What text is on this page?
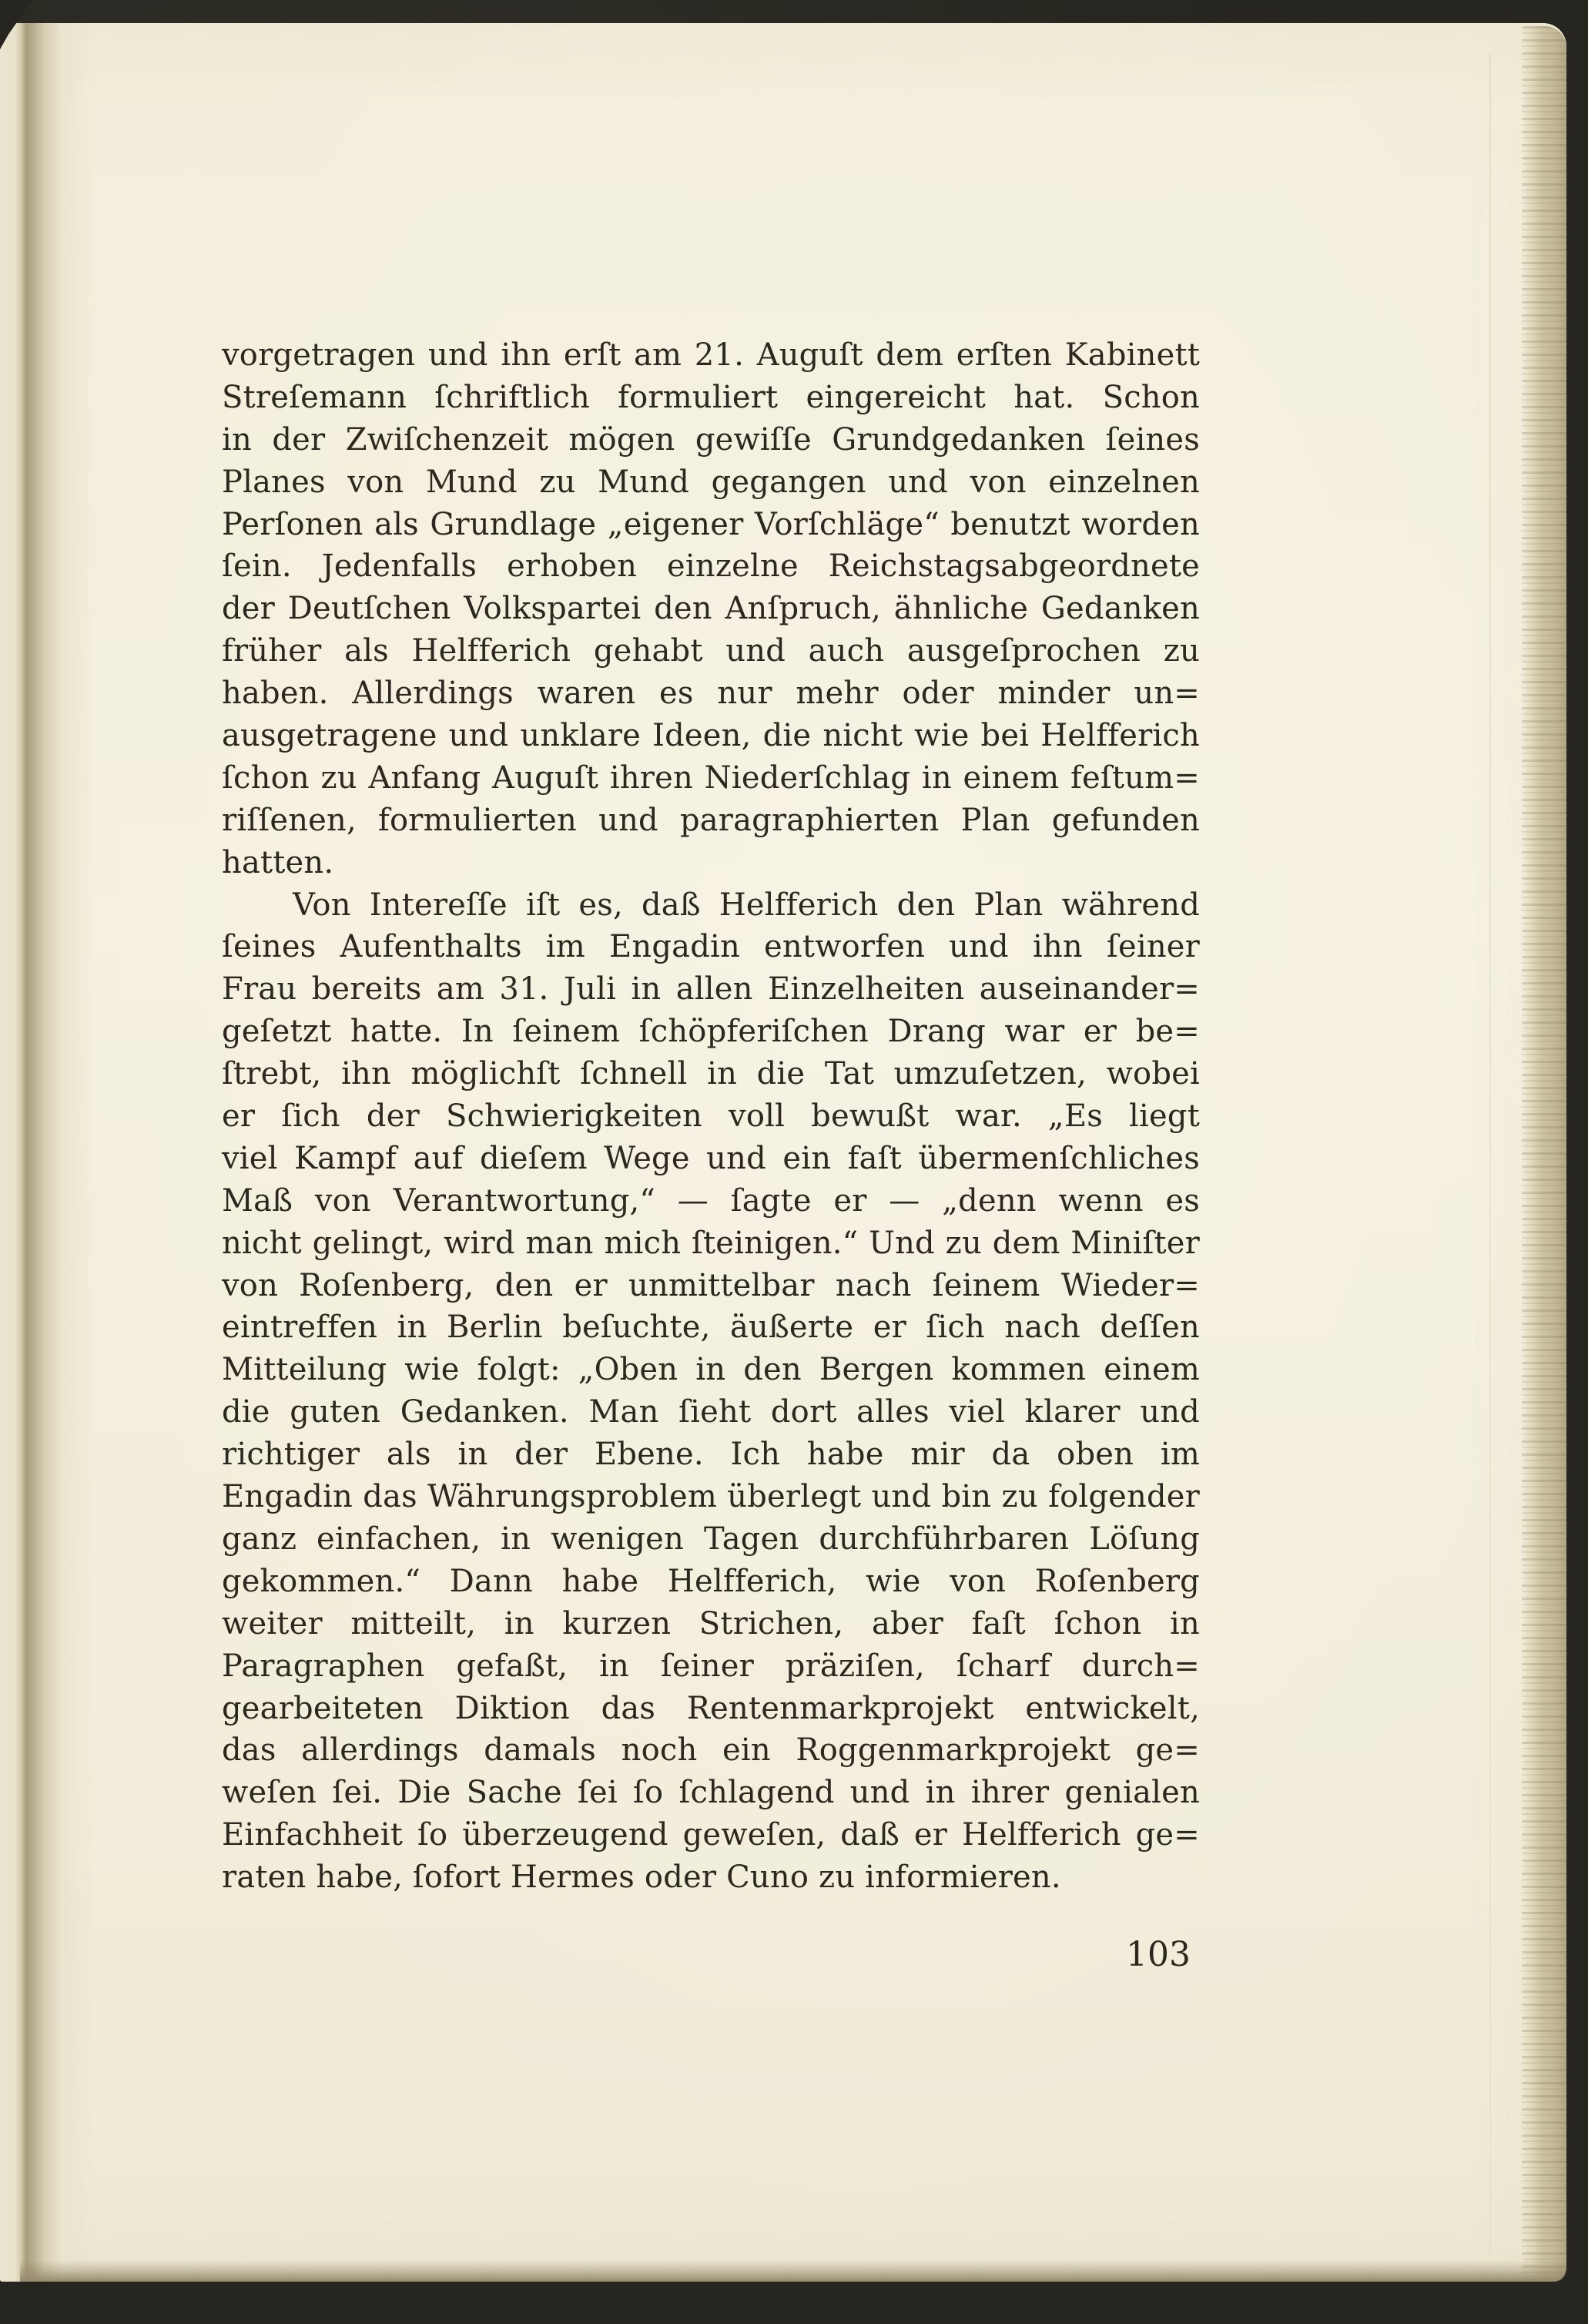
vorgetragen und ihn erſt am 21. Auguſt dem erſten Kabinett
Streſemann ſchriftlich formuliert eingereicht hat. Schon
in der Zwiſchenzeit mögen gewiſſe Grundgedanken ſeines
Planes von Mund zu Mund gegangen und von einzelnen
Perſonen als Grundlage „eigener Vorſchläge“ benutzt worden
ſein. Jedenfalls erhoben einzelne Reichstagsabgeordnete
der Deutſchen Volkspartei den Anſpruch, ähnliche Gedanken
früher als Helfferich gehabt und auch ausgeſprochen zu
haben. Allerdings waren es nur mehr oder minder un=
ausgetragene und unklare Ideen, die nicht wie bei Helfferich
ſchon zu Anfang Auguſt ihren Niederſchlag in einem feſtum=
riſſenen, formulierten und paragraphierten Plan gefunden
hatten.
Von Intereſſe iſt es, daß Helfferich den Plan während
ſeines Aufenthalts im Engadin entworfen und ihn ſeiner
Frau bereits am 31. Juli in allen Einzelheiten auseinander=
geſetzt hatte. In ſeinem ſchöpferiſchen Drang war er be=
ſtrebt, ihn möglichſt ſchnell in die Tat umzuſetzen, wobei
er ſich der Schwierigkeiten voll bewußt war. „Es liegt
viel Kampf auf dieſem Wege und ein faſt übermenſchliches
Maß von Verantwortung,“ — ſagte er — „denn wenn es
nicht gelingt, wird man mich ſteinigen.“ Und zu dem Miniſter
von Roſenberg, den er unmittelbar nach ſeinem Wieder=
eintreffen in Berlin beſuchte, äußerte er ſich nach deſſen
Mitteilung wie folgt: „Oben in den Bergen kommen einem
die guten Gedanken. Man ſieht dort alles viel klarer und
richtiger als in der Ebene. Ich habe mir da oben im
Engadin das Währungsproblem überlegt und bin zu folgender
ganz einfachen, in wenigen Tagen durchführbaren Löſung
gekommen.“ Dann habe Helfferich, wie von Roſenberg
weiter mitteilt, in kurzen Strichen, aber faſt ſchon in
Paragraphen gefaßt, in ſeiner präziſen, ſcharf durch=
gearbeiteten Diktion das Rentenmarkprojekt entwickelt,
das allerdings damals noch ein Roggenmarkprojekt ge=
weſen ſei. Die Sache ſei ſo ſchlagend und in ihrer genialen
Einfachheit ſo überzeugend geweſen, daß er Helfferich ge=
raten habe, ſofort Hermes oder Cuno zu informieren.
103
